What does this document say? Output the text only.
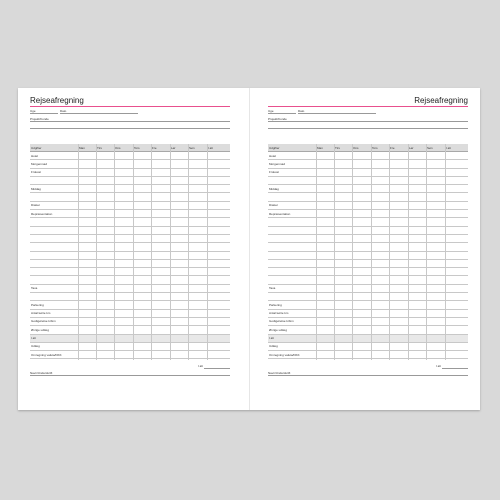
Rejseafregning
Uge	Dato
Projekt/Kunde
Udgifter	Man	Tirs	Ons	Tors	Fre	Lør	Søn	I alt
Hotel
Morgenmad
Frokost
Middag
Diæter
Repræsentation
Taxa
Parkering
Antal kørte km
Godtgørelse kr/km
Øvrige udlæg
I alt
Udlæg
Omregning valuta/DKK
I alt
Navn/Underskrift
Rejseafregning
Uge	Dato
Projekt/Kunde
Udgifter	Man	Tirs	Ons	Tors	Fre	Lør	Søn	I alt
Hotel
Morgenmad
Frokost
Middag
Diæter
Repræsentation
Taxa
Parkering
Antal kørte km
Godtgørelse kr/km
Øvrige udlæg
I alt
Udlæg
Omregning valuta/DKK
I alt
Navn/Underskrift
